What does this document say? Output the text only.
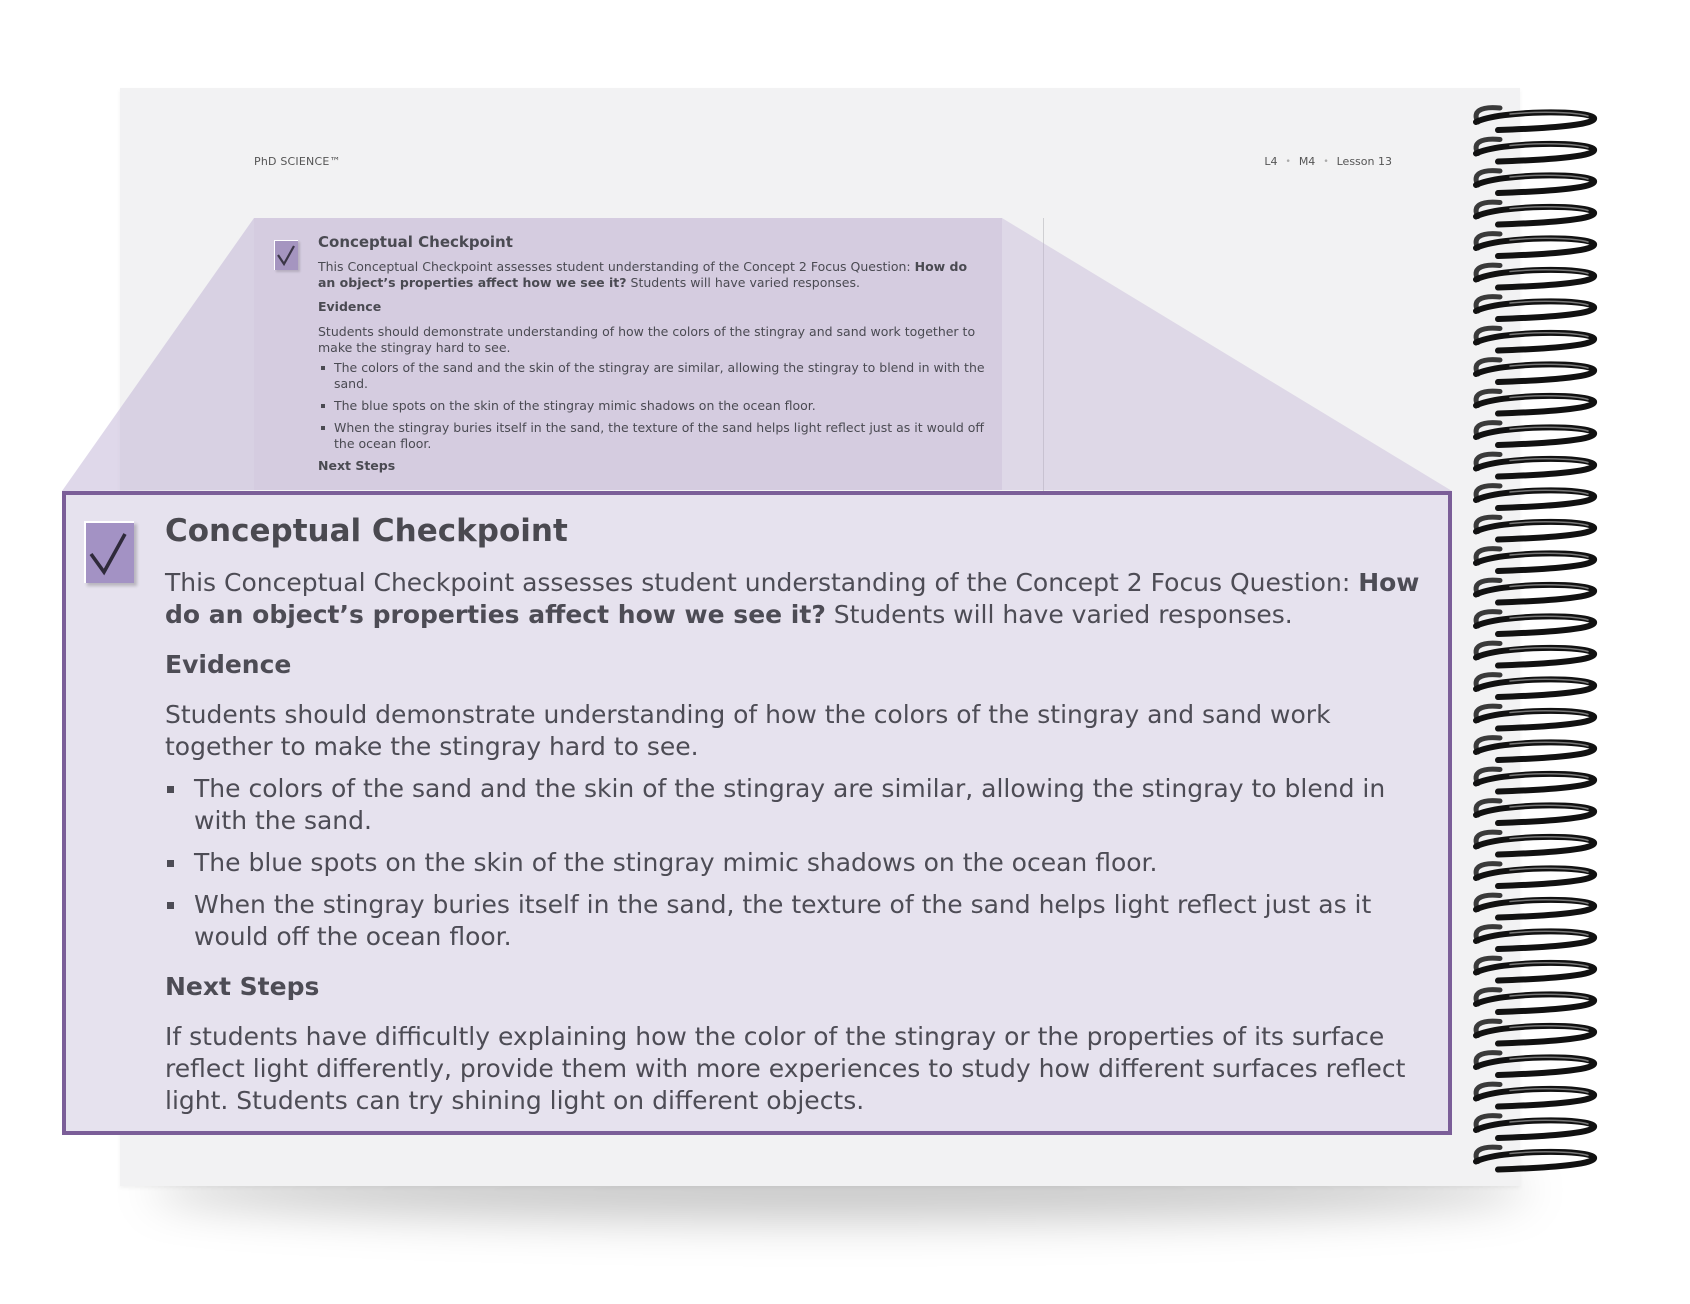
PhD SCIENCE™	L4 • M4 • Lesson 13
Conceptual Checkpoint

This Conceptual Checkpoint assesses student understanding of the Concept 2 Focus Question: How do an object’s properties affect how we see it? Students will have varied responses.

Evidence

Students should demonstrate understanding of how the colors of the stingray and sand work together to make the stingray hard to see.

The colors of the sand and the skin of the stingray are similar, allowing the stingray to blend in with the sand.
The blue spots on the skin of the stingray mimic shadows on the ocean floor.
When the stingray buries itself in the sand, the texture of the sand helps light reflect just as it would off the ocean floor.
Next Steps
Conceptual Checkpoint

This Conceptual Checkpoint assesses student understanding of the Concept 2 Focus Question: How do an object’s properties affect how we see it? Students will have varied responses.

Evidence

Students should demonstrate understanding of how the colors of the stingray and sand work together to make the stingray hard to see.

The colors of the sand and the skin of the stingray are similar, allowing the stingray to blend in with the sand.
The blue spots on the skin of the stingray mimic shadows on the ocean floor.
When the stingray buries itself in the sand, the texture of the sand helps light reflect just as it would off the ocean floor.
Next Steps

If students have difficultly explaining how the color of the stingray or the properties of its surface reflect light differently, provide them with more experiences to study how different surfaces reflect light. Students can try shining light on different objects.
